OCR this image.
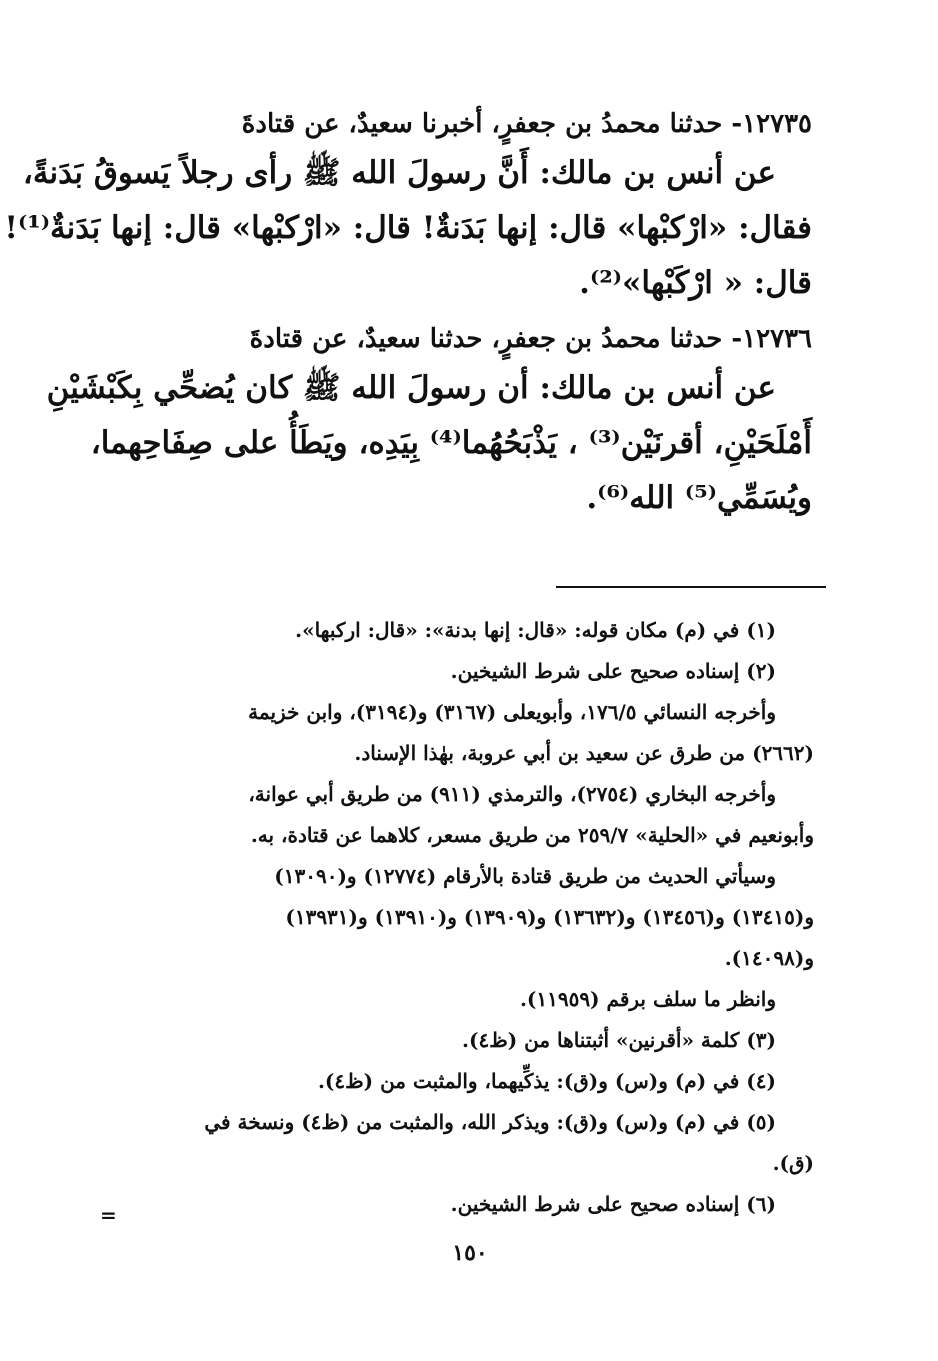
١٢٧٣٥- حدثنا محمدُ بن جعفرٍ، أخبرنا سعيدٌ، عن قتادةَ
عن أنس بن مالك: أَنَّ رسولَ الله ﷺ رأى رجلاً يَسوقُ بَدَنةً،
فقال: «ارْكبْها» قال: إنها بَدَنةٌ! قال: «ارْكبْها» قال: إنها بَدَنةٌ⁽¹⁾!
قال: « ارْكَبْها»⁽²⁾.
١٢٧٣٦- حدثنا محمدُ بن جعفرٍ، حدثنا سعيدٌ، عن قتادةَ
عن أنس بن مالك: أن رسولَ الله ﷺ كان يُضحِّي بِكَبْشَيْنِ
أَمْلَحَيْنِ، أقرنَيْن⁽³⁾ ، يَذْبَحُهُما⁽⁴⁾ بِيَدِه، ويَطَأُ على صِفَاحِهما،
ويُسَمِّي⁽⁵⁾ الله⁽⁶⁾.
(١) في (م) مكان قوله: «قال: إنها بدنة»: «قال: اركبها».
(٢) إسناده صحيح على شرط الشيخين.
وأخرجه النسائي ١٧٦/٥، وأبويعلى (٣١٦٧) و(٣١٩٤)، وابن خزيمة
(٢٦٦٢) من طرق عن سعيد بن أبي عروبة، بهٰذا الإسناد.
وأخرجه البخاري (٢٧٥٤)، والترمذي (٩١١) من طريق أبي عوانة،
وأبونعيم في «الحلية» ٢٥٩/٧ من طريق مسعر، كلاهما عن قتادة، به.
وسيأتي الحديث من طريق قتادة بالأرقام (١٢٧٧٤) و(١٣٠٩٠)
و(١٣٤١٥) و(١٣٤٥٦) و(١٣٦٣٢) و(١٣٩٠٩) و(١٣٩١٠) و(١٣٩٣١)
و(١٤٠٩٨).
وانظر ما سلف برقم (١١٩٥٩).
(٣) كلمة «أقرنين» أثبتناها من (ظ٤).
(٤) في (م) و(س) و(ق): يذكِّيهما، والمثبت من (ظ٤).
(٥) في (م) و(س) و(ق): ويذكر الله، والمثبت من (ظ٤) ونسخة في
(ق).
(٦) إسناده صحيح على شرط الشيخين.
=
١٥٠
